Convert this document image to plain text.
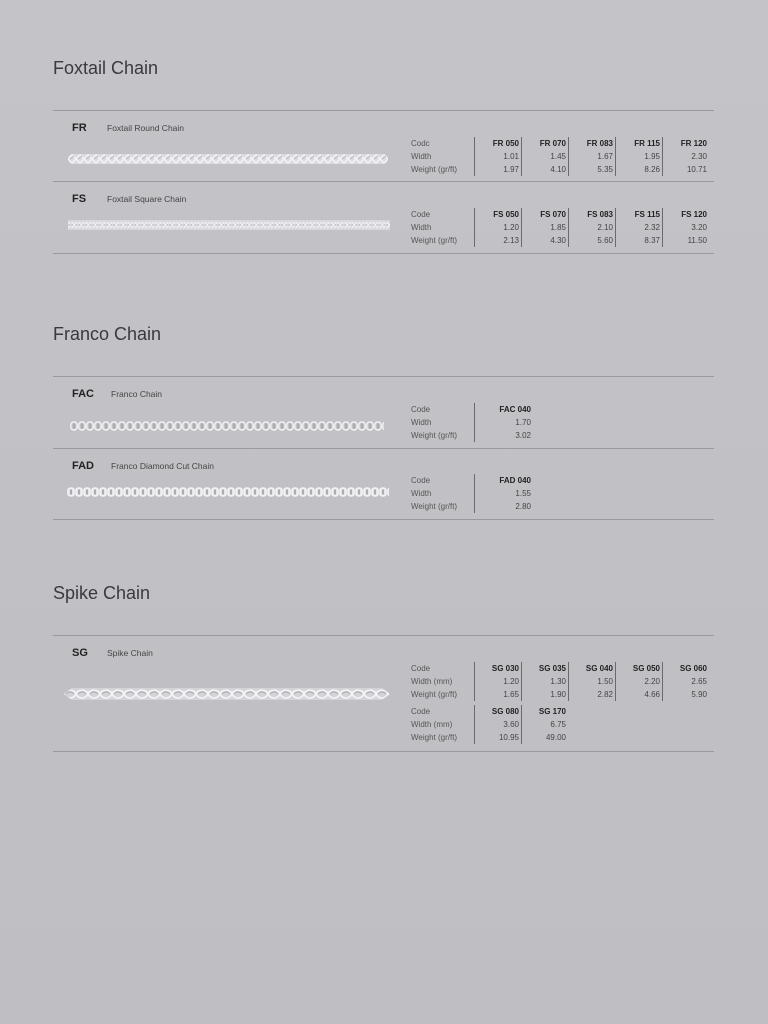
Foxtail Chain
FR Foxtail Round Chain
Codc	FR 050	FR 070	FR 083	FR 115	FR 120
Width	1.01	1.45	1.67	1.95	2.30
Weight (gr/ft)	1.97	4.10	5.35	8.26	10.71
FS Foxtail Square Chain
Code	FS 050	FS 070	FS 083	FS 115	FS 120
Width	1.20	1.85	2.10	2.32	3.20
Weight (gr/ft)	2.13	4.30	5.60	8.37	11.50
Franco Chain
FAC Franco Chain
Code	FAC 040
Width	1.70
Weight (gr/ft)	3.02
FAD Franco Diamond Cut Chain
Code	FAD 040
Width	1.55
Weight (gr/ft)	2.80
Spike Chain
SG Spike Chain
Code	SG 030	SG 035	SG 040	SG 050	SG 060
Width (mm)	1.20	1.30	1.50	2.20	2.65
Weight (gr/ft)	1.65	1.90	2.82	4.66	5.90
Code	SG 080	SG 170
Width (mm)	3.60	6.75
Weight (gr/ft)	10.95	49.00
